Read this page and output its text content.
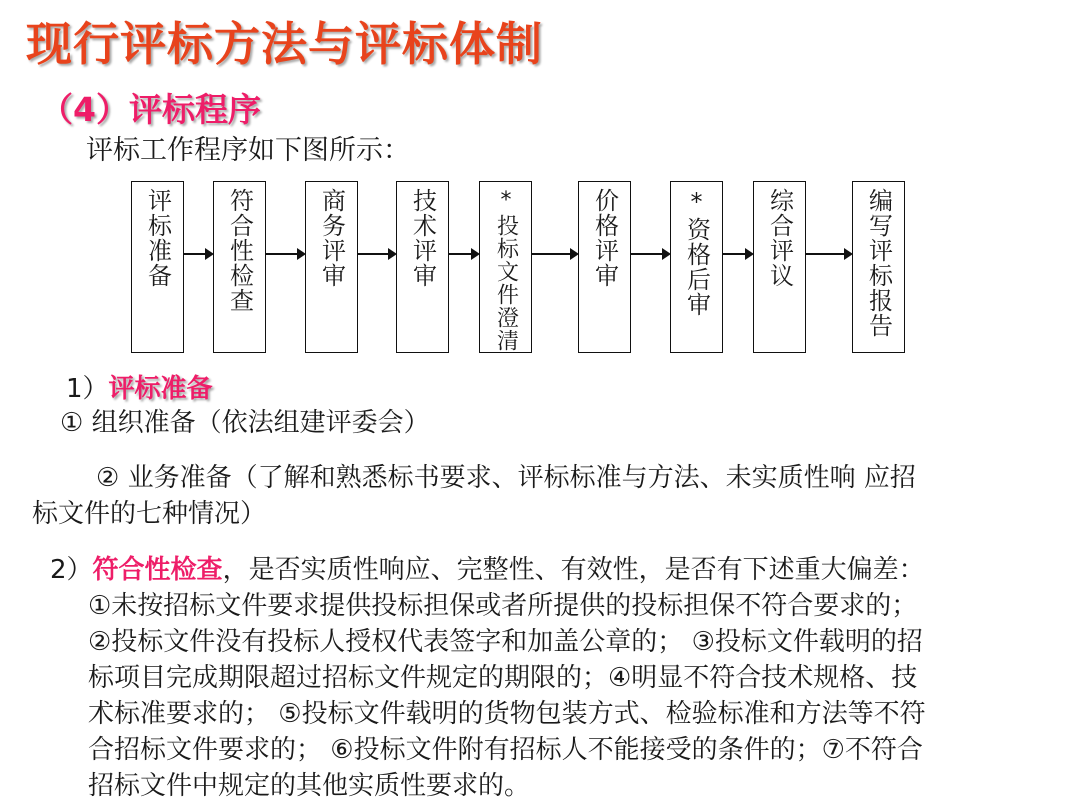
现行评标方法与评标体制
（4）评标程序
评标工作程序如下图所示：
评标准备 符合性检查	商务评审	技术评审	*投标文件澄清	价格评审	*资格后审 综合评议	编写评标报告
1）评标准备
① 组织准备（依法组建评委会）
② 业务准备（了解和熟悉标书要求、评标标准与方法、未实质性响 应招
标文件的七种情况）
2）符合性检查，是否实质性响应、完整性、有效性，是否有下述重大偏差：
①未按招标文件要求提供投标担保或者所提供的投标担保不符合要求的；
②投标文件没有投标人授权代表签字和加盖公章的； ③投标文件载明的招
标项目完成期限超过招标文件规定的期限的；④明显不符合技术规格、技
术标准要求的； ⑤投标文件载明的货物包装方式、检验标准和方法等不符
合招标文件要求的； ⑥投标文件附有招标人不能接受的条件的；⑦不符合
招标文件中规定的其他实质性要求的。
